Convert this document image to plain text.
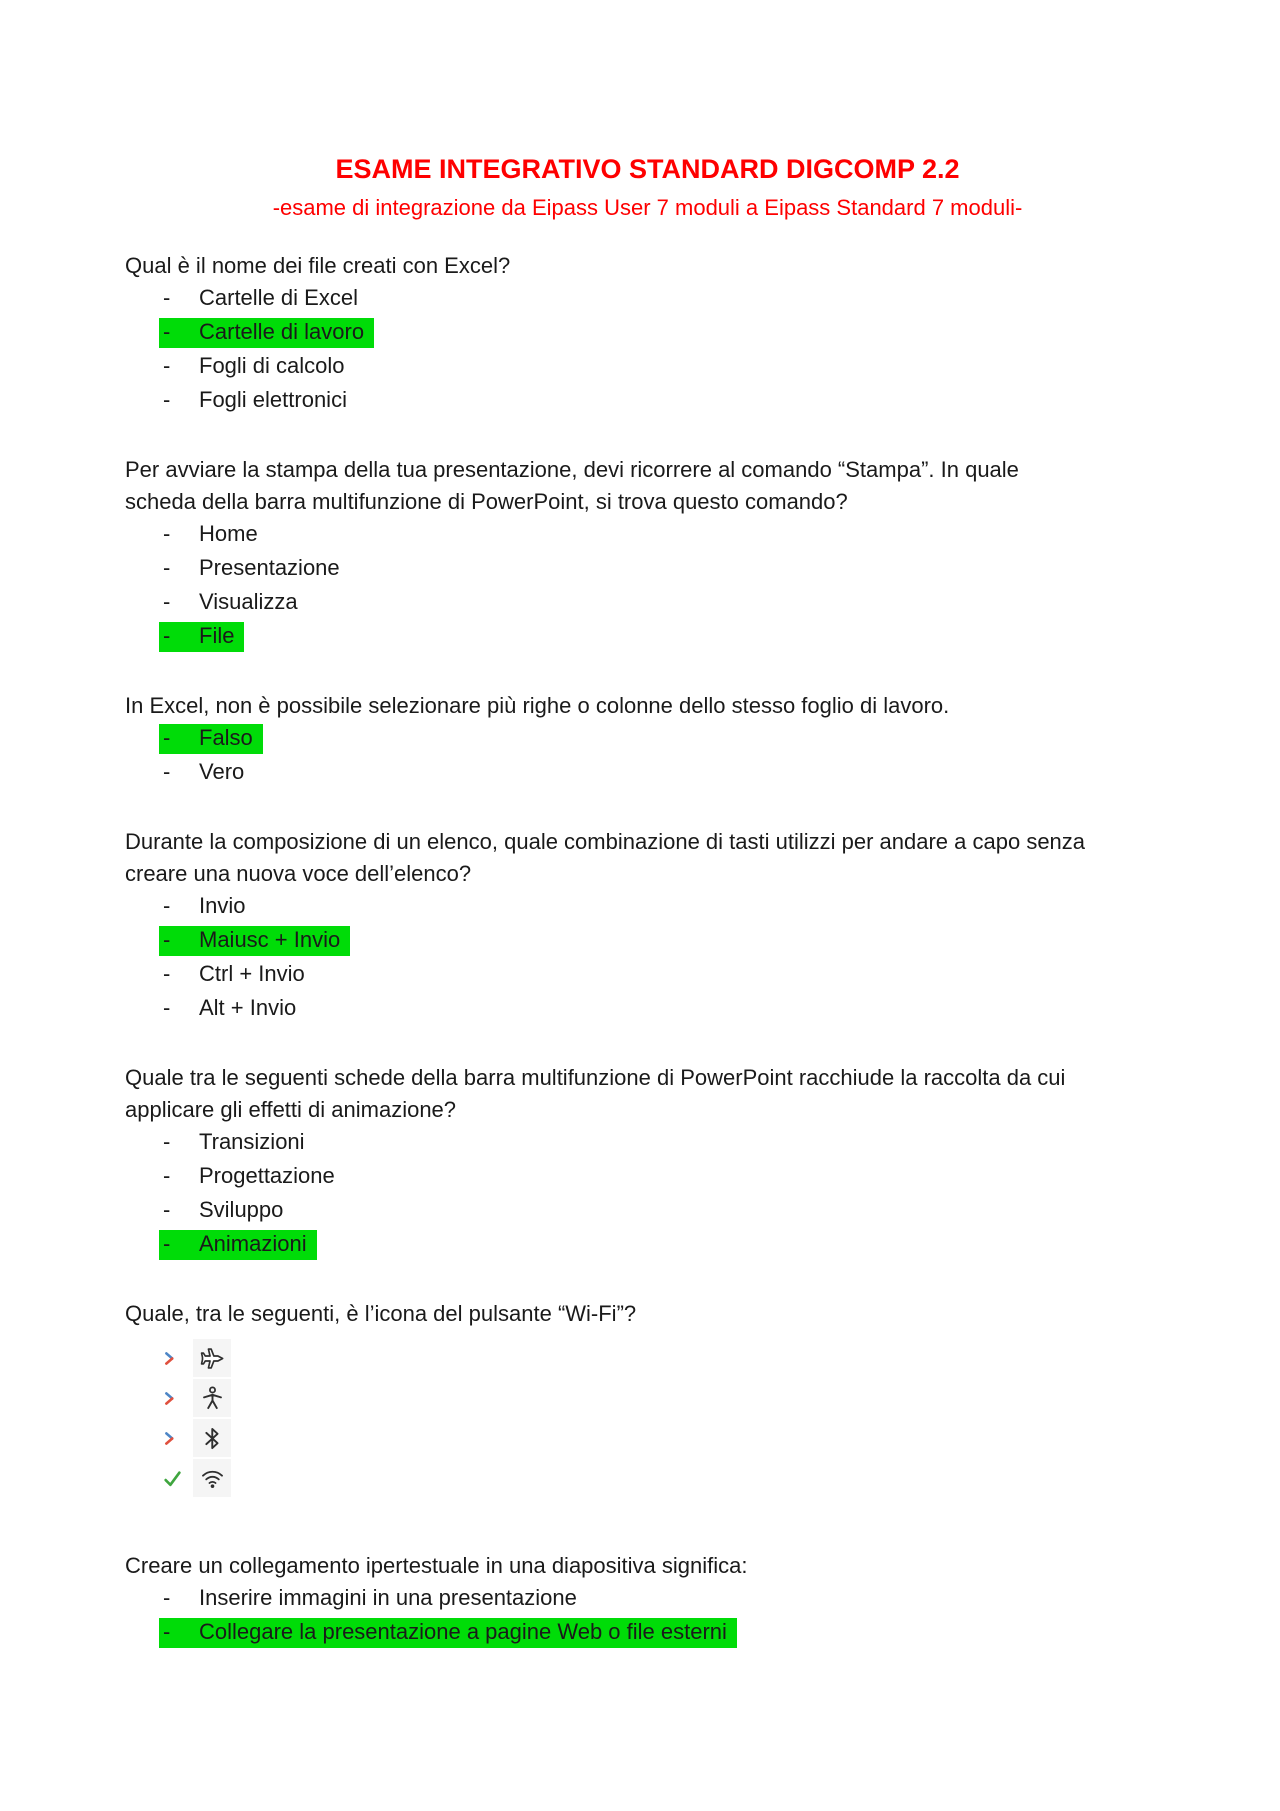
ESAME INTEGRATIVO STANDARD DIGCOMP 2.2
-esame di integrazione da Eipass User 7 moduli a Eipass Standard 7 moduli-
Qual è il nome dei file creati con Excel?
- Cartelle di Excel
- Cartelle di lavoro
- Fogli di calcolo
- Fogli elettronici
Per avviare la stampa della tua presentazione, devi ricorrere al comando “Stampa”. In quale
scheda della barra multifunzione di PowerPoint, si trova questo comando?
- Home
- Presentazione
- Visualizza
- File
In Excel, non è possibile selezionare più righe o colonne dello stesso foglio di lavoro.
- Falso
- Vero
Durante la composizione di un elenco, quale combinazione di tasti utilizzi per andare a capo senza
creare una nuova voce dell’elenco?
- Invio
- Maiusc + Invio
- Ctrl + Invio
- Alt + Invio
Quale tra le seguenti schede della barra multifunzione di PowerPoint racchiude la raccolta da cui
applicare gli effetti di animazione?
- Transizioni
- Progettazione
- Sviluppo
- Animazioni
Quale, tra le seguenti, è l’icona del pulsante “Wi-Fi”?
Creare un collegamento ipertestuale in una diapositiva significa:
- Inserire immagini in una presentazione
- Collegare la presentazione a pagine Web o file esterni
